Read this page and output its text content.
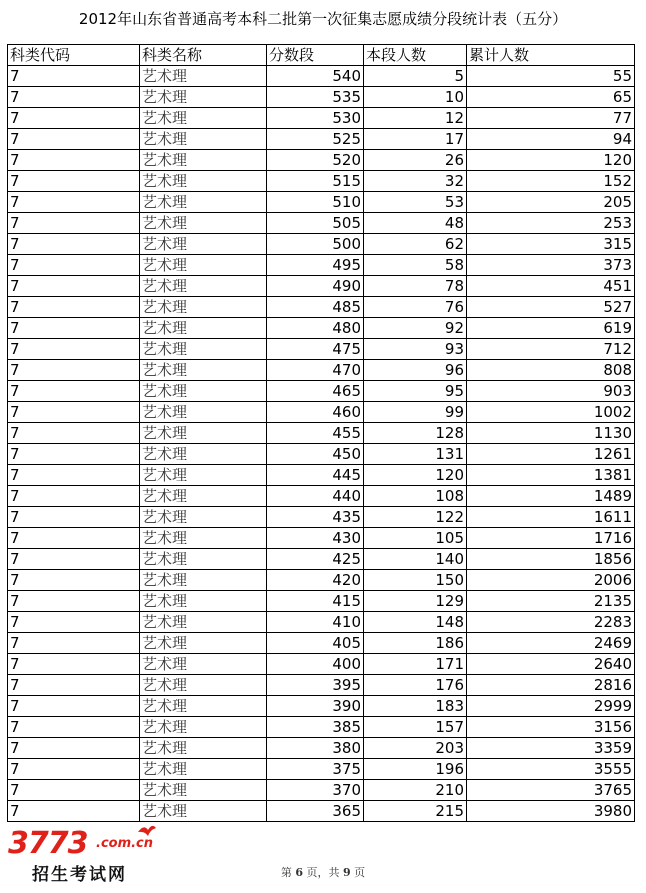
2012年山东省普通高考本科二批第一次征集志愿成绩分段统计表（五分）
科类代码	科类名称	分数段	本段人数	累计人数
7	艺术理	540	5	55
7	艺术理	535	10	65
7	艺术理	530	12	77
7	艺术理	525	17	94
7	艺术理	520	26	120
7	艺术理	515	32	152
7	艺术理	510	53	205
7	艺术理	505	48	253
7	艺术理	500	62	315
7	艺术理	495	58	373
7	艺术理	490	78	451
7	艺术理	485	76	527
7	艺术理	480	92	619
7	艺术理	475	93	712
7	艺术理	470	96	808
7	艺术理	465	95	903
7	艺术理	460	99	1002
7	艺术理	455	128	1130
7	艺术理	450	131	1261
7	艺术理	445	120	1381
7	艺术理	440	108	1489
7	艺术理	435	122	1611
7	艺术理	430	105	1716
7	艺术理	425	140	1856
7	艺术理	420	150	2006
7	艺术理	415	129	2135
7	艺术理	410	148	2283
7	艺术理	405	186	2469
7	艺术理	400	171	2640
7	艺术理	395	176	2816
7	艺术理	390	183	2999
7	艺术理	385	157	3156
7	艺术理	380	203	3359
7	艺术理	375	196	3555
7	艺术理	370	210	3765
7	艺术理	365	215	3980
第 6 页，共 9 页
3773 .com.cn
招生考试网
